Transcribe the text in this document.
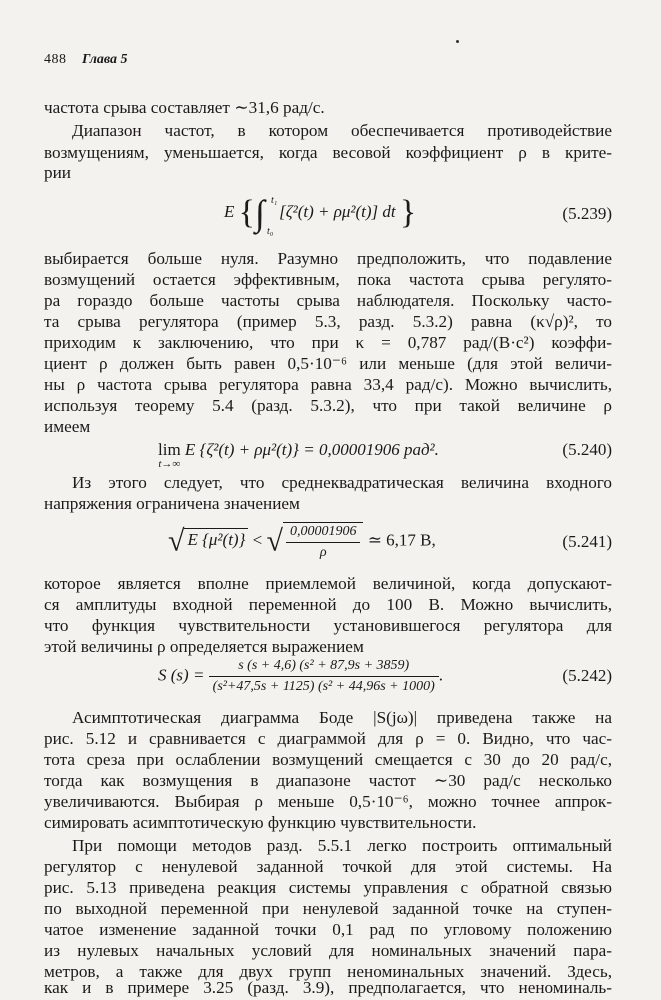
488 Глава 5
частота срыва составляет ∼31,6 рад/с.
Диапазон частот, в котором обеспечивается противодействие
возмущениям, уменьшается, когда весовой коэффициент ρ в крите-
рии
E {∫ t₁
t₀
[ζ²(t) + ρμ²(t)] dt }	(5.239)
выбирается больше нуля. Разумно предположить, что подавление
возмущений остается эффективным, пока частота срыва регулято-
ра гораздо больше частоты срыва наблюдателя. Поскольку часто-
та срыва регулятора (пример 5.3, разд. 5.3.2) равна (κ√ρ)², то
приходим к заключению, что при κ = 0,787 рад/(В·с²) коэффи-
циент ρ должен быть равен 0,5·10⁻⁶ или меньше (для этой величи-
ны ρ частота срыва регулятора равна 33,4 рад/с). Можно вычислить,
используя теорему 5.4 (разд. 5.3.2), что при такой величине ρ
имеем
lim
t→∞
E {ζ²(t) + ρμ²(t)} = 0,00001906 рад².	(5.240)
Из этого следует, что среднеквадратическая величина входного
напряжения ограничена значением
√ E {μ²(t)} < √ $\frac{0,00001906}{\rho}$ ≃ 6,17 В,	(5.241)
которое является вполне приемлемой величиной, когда допускают-
ся амплитуды входной переменной до 100 В. Можно вычислить,
что функция чувствительности установившегося регулятора для
этой величины ρ определяется выражением
S $(s) = \frac{\text{s (s + 4,6) (s² + 87,9s + 3859)}}{\text{(s²+47,5s + 1125) (s² + 44,96s + 1000)}}$ .	(5.242)
Асимптотическая диаграмма Боде |S(jω)| приведена также на
рис. 5.12 и сравнивается с диаграммой для ρ = 0. Видно, что час-
тота среза при ослаблении возмущений смещается с 30 до 20 рад/с,
тогда как возмущения в диапазоне частот ∼30 рад/с несколько
увеличиваются. Выбирая ρ меньше 0,5·10⁻⁶, можно точнее аппрок-
симировать асимптотическую функцию чувствительности.
При помощи методов разд. 5.5.1 легко построить оптимальный
регулятор с ненулевой заданной точкой для этой системы. На
рис. 5.13 приведена реакция системы управления с обратной связью
по выходной переменной при ненулевой заданной точке на ступен-
чатое изменение заданной точки 0,1 рад по угловому положению
из нулевых начальных условий для номинальных значений пара-
метров, а также для двух групп неноминальных значений. Здесь,
как и в примере 3.25 (разд. 3.9), предполагается, что неноминаль-
